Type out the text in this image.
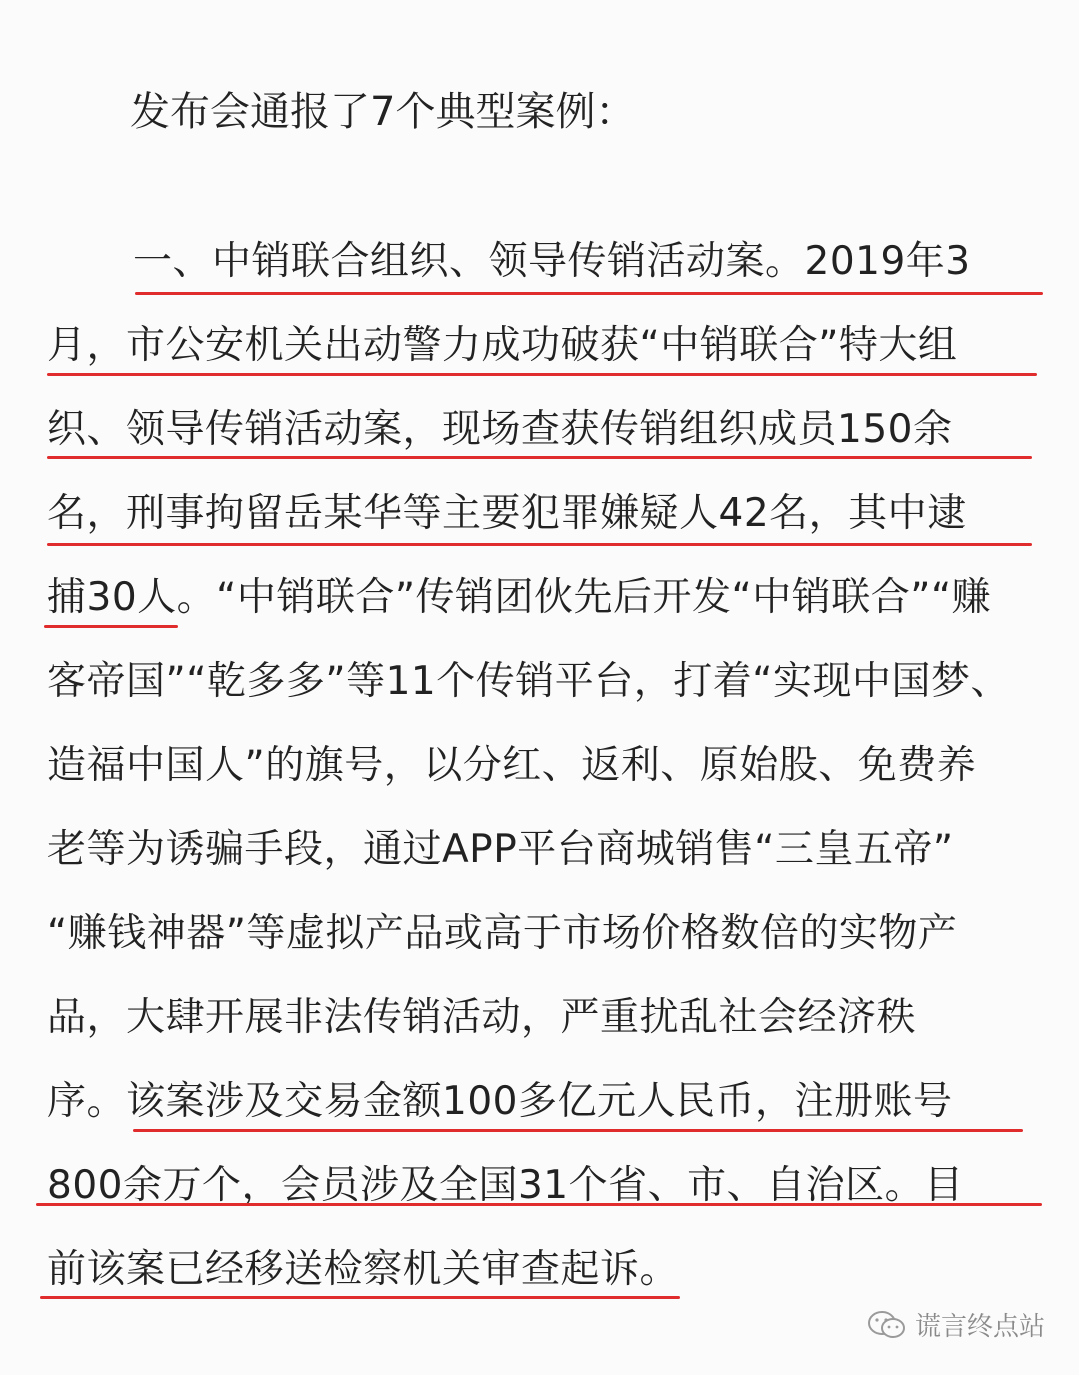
发布会通报了7个典型案例：
一、中销联合组织、领导传销活动案。2019年3
月，市公安机关出动警力成功破获“中销联合”特大组
织、领导传销活动案，现场查获传销组织成员150余
名，刑事拘留岳某华等主要犯罪嫌疑人42名，其中逮
捕30人。“中销联合”传销团伙先后开发“中销联合”“赚
客帝国”“乾多多”等11个传销平台，打着“实现中国梦、
造福中国人”的旗号，以分红、返利、原始股、免费养
老等为诱骗手段，通过APP平台商城销售“三皇五帝”
“赚钱神器”等虚拟产品或高于市场价格数倍的实物产
品，大肆开展非法传销活动，严重扰乱社会经济秩
序。该案涉及交易金额100多亿元人民币，注册账号
800余万个，会员涉及全国31个省、市、自治区。目
前该案已经移送检察机关审查起诉。
谎言终点站
